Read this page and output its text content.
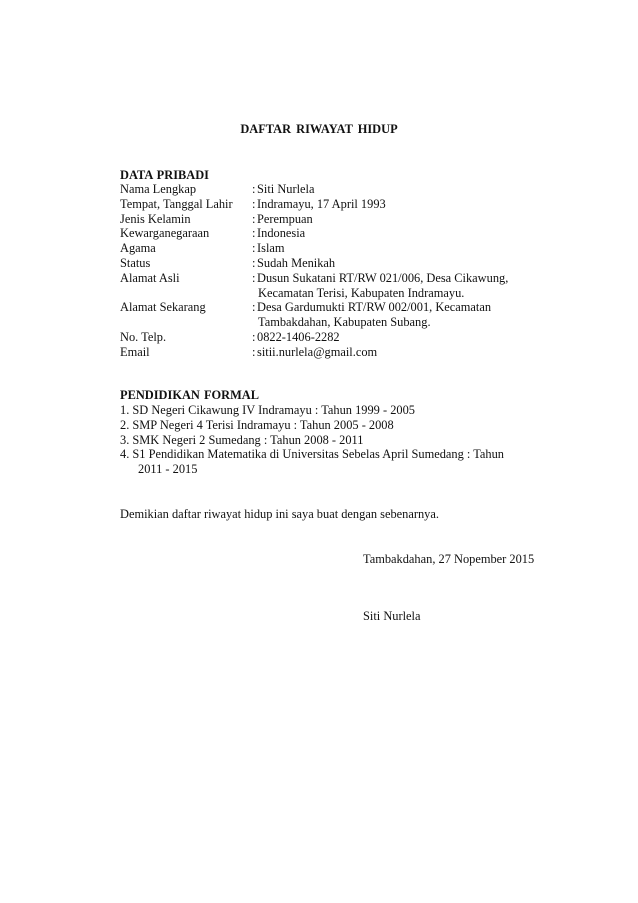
DAFTAR RIWAYAT HIDUP
DATA PRIBADI
Nama Lengkap	: Siti Nurlela
Tempat, Tanggal Lahir : Indramayu, 17 April 1993
Jenis Kelamin	: Perempuan
Kewarganegaraan	: Indonesia
Agama	: Islam
Status	: Sudah Menikah
Alamat Asli	: Dusun Sukatani RT/RW 021/006, Desa Cikawung,
Kecamatan Terisi, Kabupaten Indramayu.
Alamat Sekarang	: Desa Gardumukti RT/RW 002/001, Kecamatan
Tambakdahan, Kabupaten Subang.
No. Telp.	: 0822-1406-2282
Email	: sitii.nurlela@gmail.com
PENDIDIKAN FORMAL
1. SD Negeri Cikawung IV Indramayu : Tahun 1999 - 2005
2. SMP Negeri 4 Terisi Indramayu : Tahun 2005 - 2008
3. SMK Negeri 2 Sumedang : Tahun 2008 - 2011
4. S1 Pendidikan Matematika di Universitas Sebelas April Sumedang : Tahun
2011 - 2015
Demikian daftar riwayat hidup ini saya buat dengan sebenarnya.
Tambakdahan, 27 Nopember 2015
Siti Nurlela
